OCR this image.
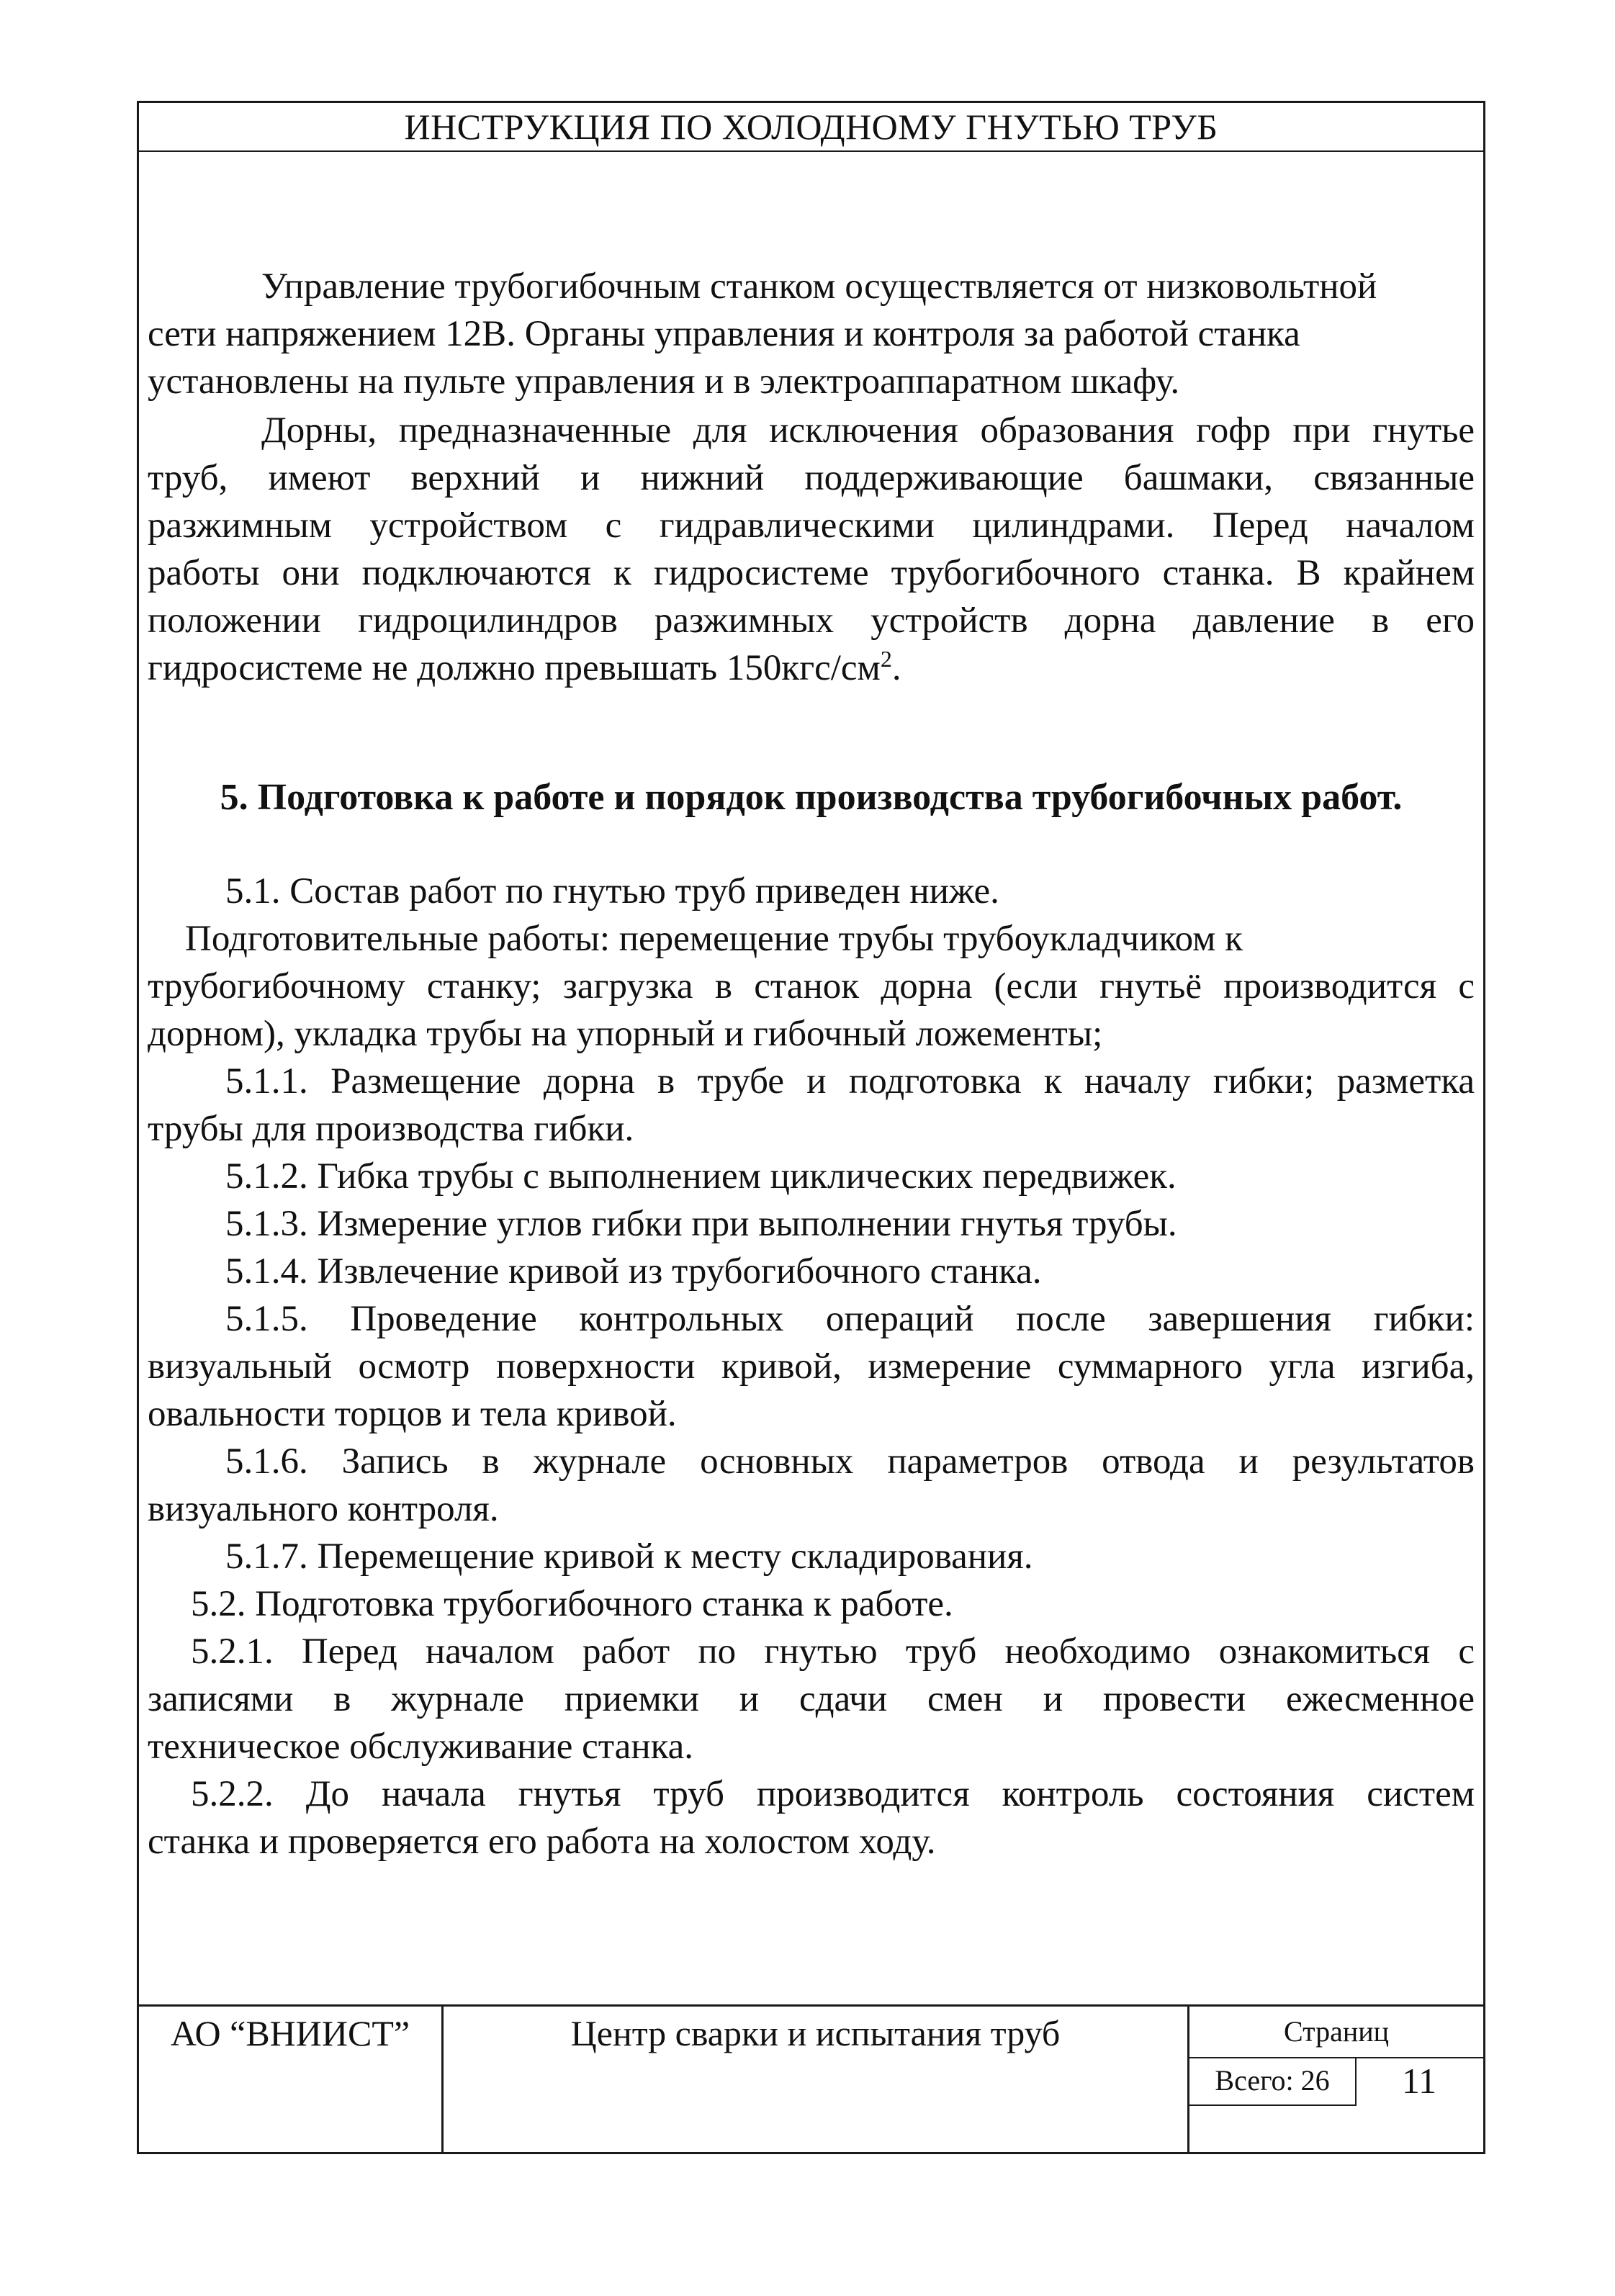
ИНСТРУКЦИЯ ПО ХОЛОДНОМУ ГНУТЬЮ ТРУБ
Управление трубогибочным станком осуществляется от низковольтной
сети напряжением 12В. Органы управления и контроля за работой станка
установлены на пульте управления и в электроаппаратном шкафу.
Дорны, предназначенные для исключения образования гофр при гнутье
труб, имеют верхний и нижний поддерживающие башмаки, связанные
разжимным устройством с гидравлическими цилиндрами. Перед началом
работы они подключаются к гидросистеме трубогибочного станка. В крайнем
положении гидроцилиндров разжимных устройств дорна давление в его
гидросистеме не должно превышать $150кгс/см^2$.
5. Подготовка к работе и порядок производства трубогибочных работ.
5.1. Состав работ по гнутью труб приведен ниже.
Подготовительные работы: перемещение трубы трубоукладчиком к
трубогибочному станку; загрузка в станок дорна (если гнутьё производится с
дорном), укладка трубы на упорный и гибочный ложементы;
5.1.1. Размещение дорна в трубе и подготовка к началу гибки; разметка
трубы для производства гибки.
5.1.2. Гибка трубы с выполнением циклических передвижек.
5.1.3. Измерение углов гибки при выполнении гнутья трубы.
5.1.4. Извлечение кривой из трубогибочного станка.
5.1.5. Проведение контрольных операций после завершения гибки:
визуальный осмотр поверхности кривой, измерение суммарного угла изгиба,
овальности торцов и тела кривой.
5.1.6. Запись в журнале основных параметров отвода и результатов
визуального контроля.
5.1.7. Перемещение кривой к месту складирования.
5.2. Подготовка трубогибочного станка к работе.
5.2.1. Перед началом работ по гнутью труб необходимо ознакомиться с
записями в журнале приемки и сдачи смен и провести ежесменное
техническое обслуживание станка.
5.2.2. До начала гнутья труб производится контроль состояния систем
станка и проверяется его работа на холостом ходу.
АО “ВНИИСТ”	Центр сварки и испытания труб	Страниц
Всего: 26	11
